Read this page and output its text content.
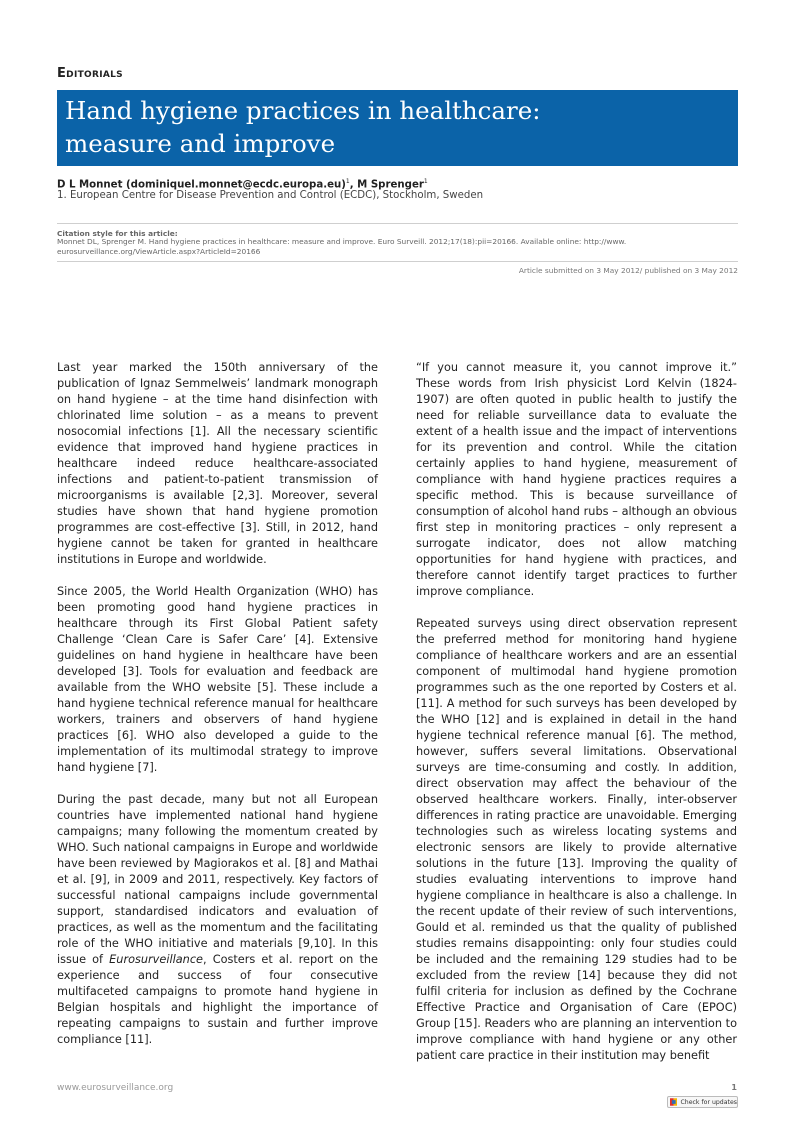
Editorials
Hand hygiene practices in healthcare:
measure and improve
D L Monnet (dominiquel.monnet@ecdc.europa.eu)$^1$, M Sprenger$^1$
1. European Centre for Disease Prevention and Control (ECDC), Stockholm, Sweden
Citation style for this article:
Monnet DL, Sprenger M. Hand hygiene practices in healthcare: measure and improve. Euro Surveill. 2012;17(18):pii=20166. Available online: http://www.
eurosurveillance.org/ViewArticle.aspx?ArticleId=20166
Article submitted on 3 May 2012/ published on 3 May 2012

Last year marked the 150th anniversary of the publication of Ignaz Semmelweis’ landmark monograph on hand hygiene – at the time hand disinfection with chlorinated lime solution – as a means to prevent nosocomial infections [1]. All the necessary scientific evidence that improved hand hygiene practices in healthcare indeed reduce healthcare-associated infections and patient-to-patient transmission of microorganisms is available [2,3]. Moreover, several studies have shown that hand hygiene promotion programmes are cost-effective [3]. Still, in 2012, hand hygiene cannot be taken for granted in healthcare institutions in Europe and worldwide.

Since 2005, the World Health Organization (WHO) has been promoting good hand hygiene practices in healthcare through its First Global Patient safety Challenge ‘Clean Care is Safer Care’ [4]. Extensive guidelines on hand hygiene in healthcare have been developed [3]. Tools for evaluation and feedback are available from the WHO website [5]. These include a hand hygiene technical reference manual for healthcare workers, trainers and observers of hand hygiene practices [6]. WHO also developed a guide to the implementation of its multimodal strategy to improve hand hygiene [7].

During the past decade, many but not all European countries have implemented national hand hygiene campaigns; many following the momentum created by WHO. Such national campaigns in Europe and worldwide have been reviewed by Magiorakos et al. [8] and Mathai et al. [9], in 2009 and 2011, respectively. Key factors of successful national campaigns include governmental support, standardised indicators and evaluation of practices, as well as the momentum and the facilitating role of the WHO initiative and materials [9,10]. In this issue of Eurosurveillance, Costers et al. report on the experience and success of four consecutive multifaceted campaigns to promote hand hygiene in Belgian hospitals and highlight the importance of repeating campaigns to sustain and further improve compliance [11].

“If you cannot measure it, you cannot improve it.” These words from Irish physicist Lord Kelvin (1824-1907) are often quoted in public health to justify the need for reliable surveillance data to evaluate the extent of a health issue and the impact of interventions for its prevention and control. While the citation certainly applies to hand hygiene, measurement of compliance with hand hygiene practices requires a specific method. This is because surveillance of consumption of alcohol hand rubs – although an obvious first step in monitoring practices – only represent a surrogate indicator, does not allow matching opportunities for hand hygiene with practices, and therefore cannot identify target practices to further improve compliance.

Repeated surveys using direct observation represent the preferred method for monitoring hand hygiene compliance of healthcare workers and are an essential component of multimodal hand hygiene promotion programmes such as the one reported by Costers et al. [11]. A method for such surveys has been developed by the WHO [12] and is explained in detail in the hand hygiene technical reference manual [6]. The method, however, suffers several limitations. Observational surveys are time-consuming and costly. In addition, direct observation may affect the behaviour of the observed healthcare workers. Finally, inter-observer differences in rating practice are unavoidable. Emerging technologies such as wireless locating systems and electronic sensors are likely to provide alternative solutions in the future [13]. Improving the quality of studies evaluating interventions to improve hand hygiene compliance in healthcare is also a challenge. In the recent update of their review of such interventions, Gould et al. reminded us that the quality of published studies remains disappointing: only four studies could be included and the remaining 129 studies had to be excluded from the review [14] because they did not fulfil criteria for inclusion as defined by the Cochrane Effective Practice and Organisation of Care (EPOC) Group [15]. Readers who are planning an intervention to improve compliance with hand hygiene or any other patient care practice in their institution may benefit

www.eurosurveillance.org	1
Check for updates
